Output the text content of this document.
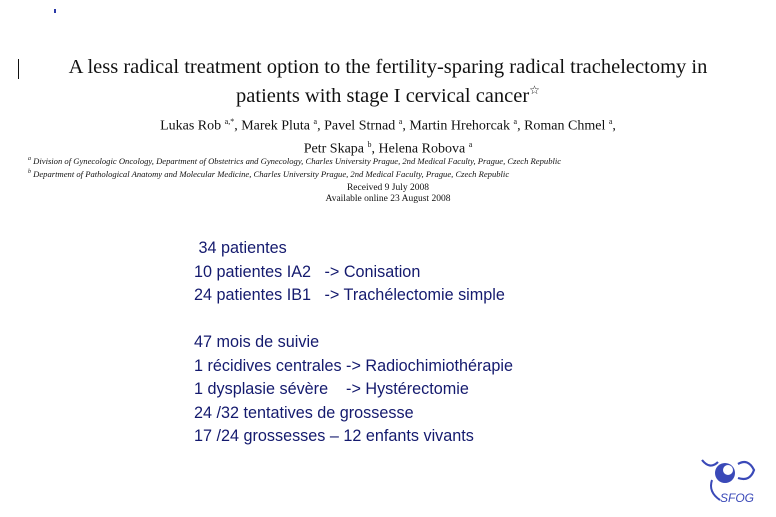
A less radical treatment option to the fertility-sparing radical trachelectomy in
patients with stage I cervical cancer☆
Lukas Rob $^{a,*}$, Marek Pluta $^a$, Pavel Strnad $^a$, Martin Hrehorcak $^a$, Roman Chmel $^a$,
Petr Skapa $^b$, Helena Robova $^a$
$^a$ Division of Gynecologic Oncology, Department of Obstetrics and Gynecology, Charles University Prague, 2nd Medical Faculty, Prague, Czech Republic
$^b$ Department of Pathological Anatomy and Molecular Medicine, Charles University Prague, 2nd Medical Faculty, Prague, Czech Republic
Received 9 July 2008
Available online 23 August 2008
34 patientes
10 patientes IA2   -> Conisation
24 patientes IB1   -> Trachélectomie simple
47 mois de suivie
1 récidives centrales -> Radiochimiothérapie
1 dysplasie sévère    -> Hystérectomie
24 /32 tentatives de grossesse
17 /24 grossesses – 12 enfants vivants
SFOG
